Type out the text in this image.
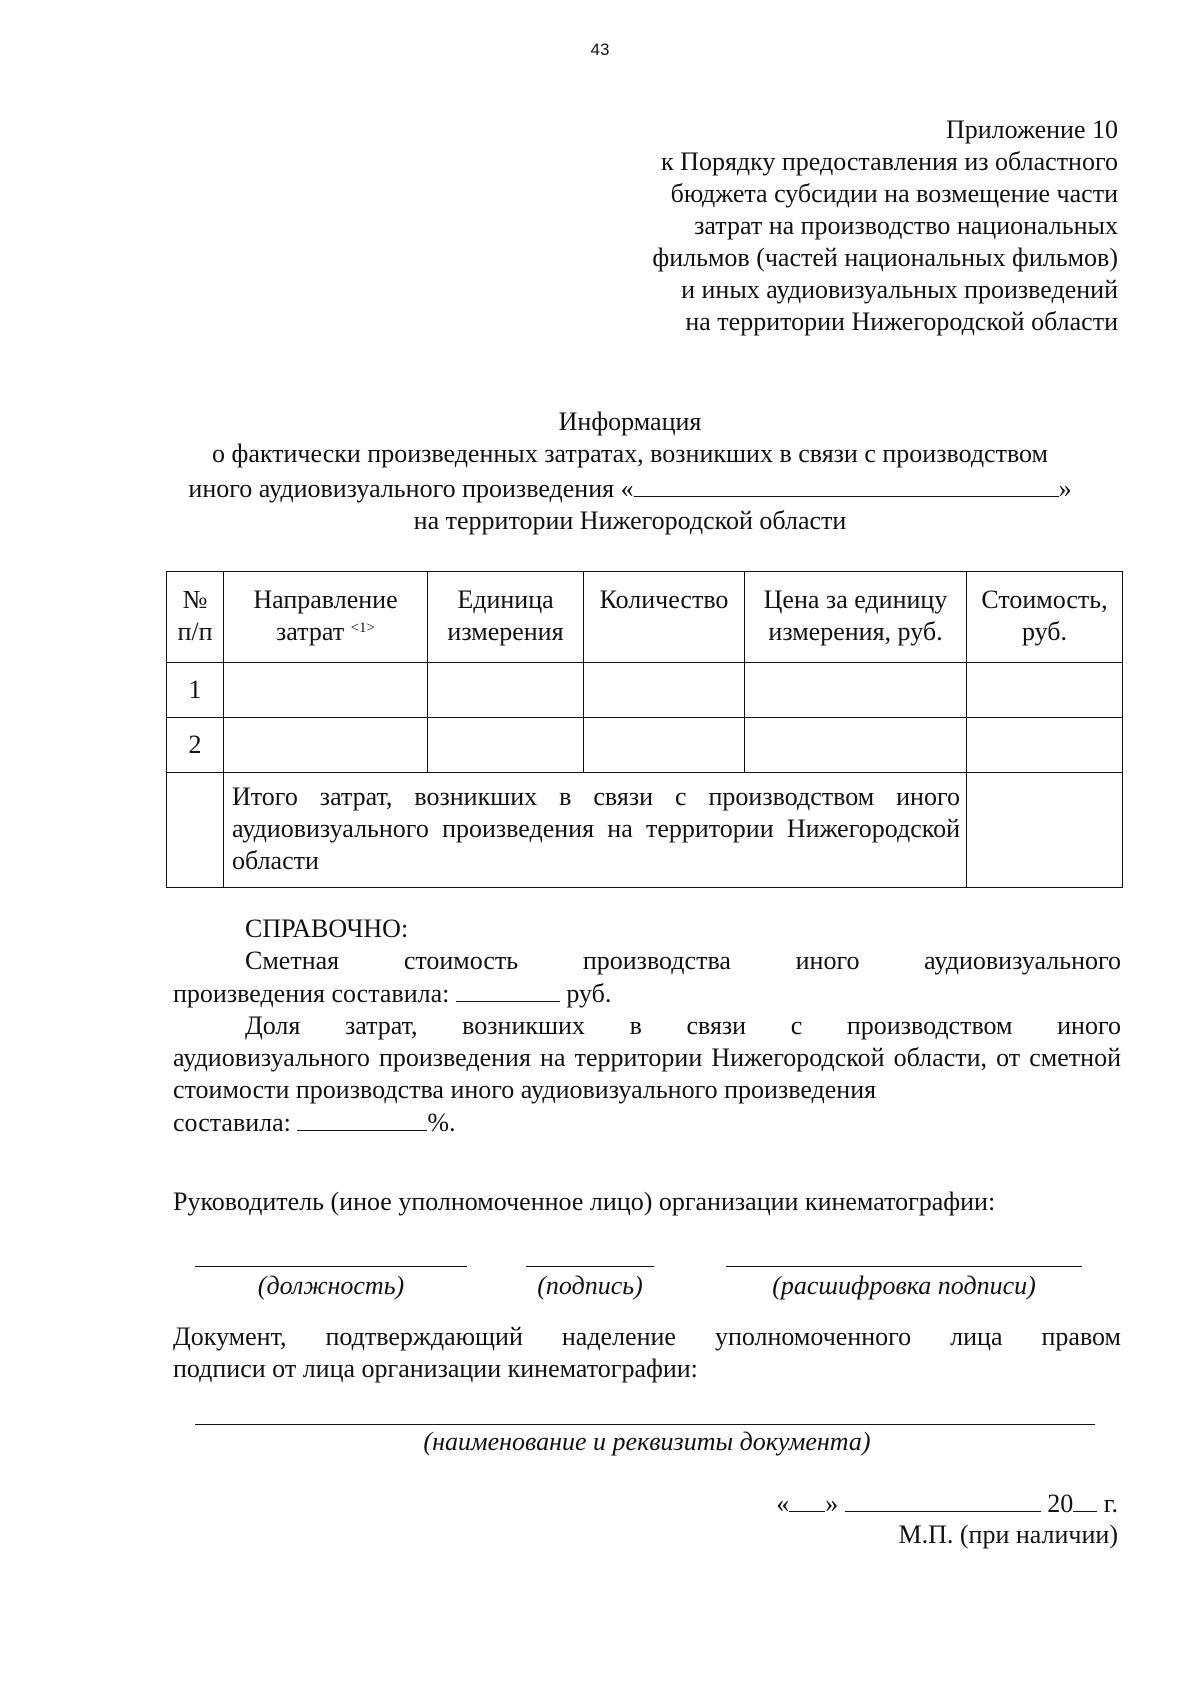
43
Приложение 10
к Порядку предоставления из областного
бюджета субсидии на возмещение части
затрат на производство национальных
фильмов (частей национальных фильмов)
и иных аудиовизуальных произведений
на территории Нижегородской области
Информация
о фактически произведенных затратах, возникших в связи с производством
иного аудиовизуального произведения «	»
на территории Нижегородской области
№ п/п	Направление затрат $^{<1>}$	Единица измерения	Количество	Цена за единицу измерения, руб.	Стоимость, руб.
1					
2					
	Итого затрат, возникших в связи с производством иного аудиовизуального произведения на территории Нижегородской области				

СПРАВОЧНО:

Сметная стоимость производства иного аудиовизуального

произведения составила:	руб.

Доля затрат, возникших в связи с производством иного

аудиовизуального произведения на территории Нижегородской области, от сметной стоимости производства иного аудиовизуального произведения

составила:	%.

Руководитель (иное уполномоченное лицо) организации кинематографии:
(должность)	(подпись)	(расшифровка подписи)

Документ, подтверждающий наделение уполномоченного лица правом

подписи от лица организации кинематографии:

(наименование и реквизиты документа)
« »	20 г.
М.П. (при наличии)
